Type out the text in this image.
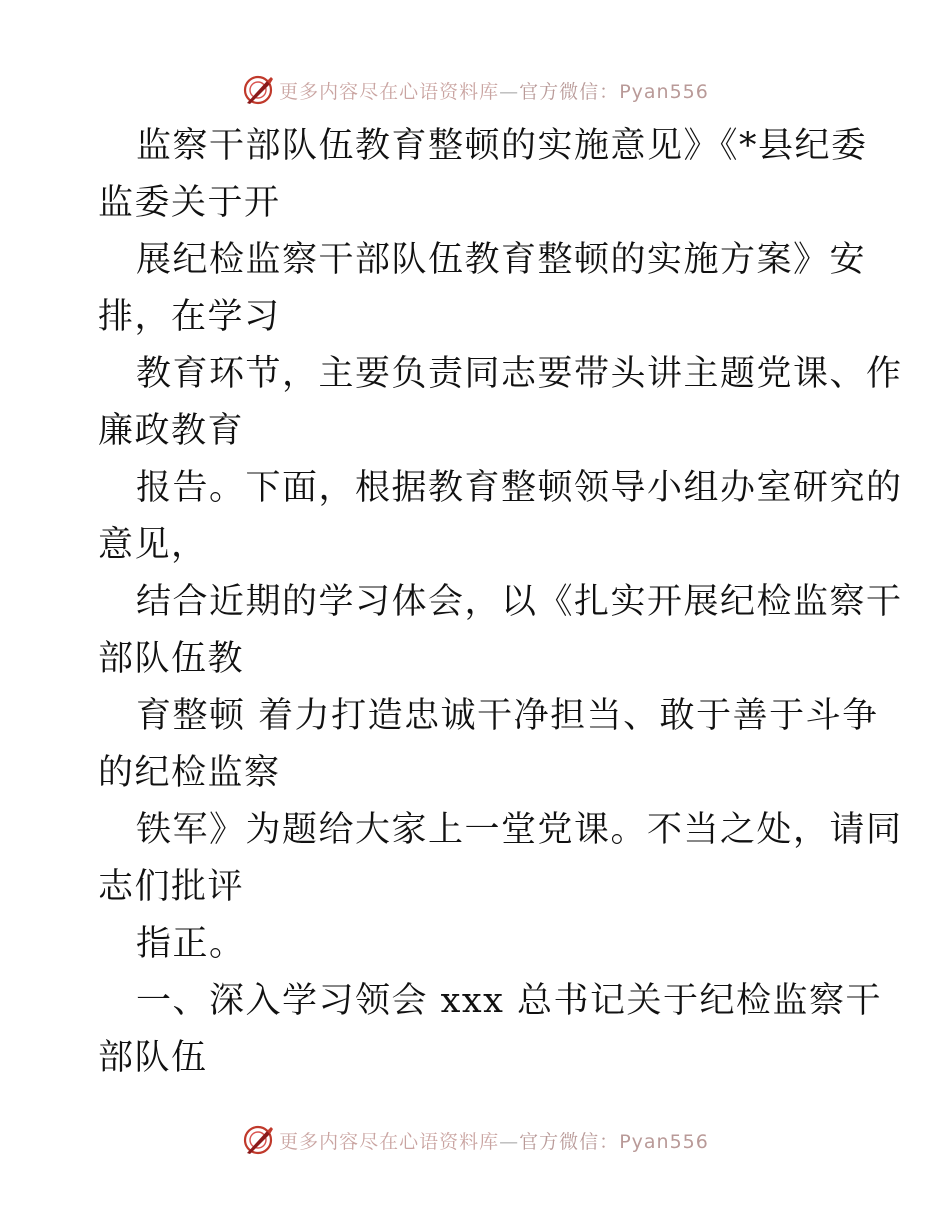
更多内容尽在心语资料库—官方微信：Pyan556
监察干部队伍教育整顿的实施意见》《*县纪委
监委关于开
展纪检监察干部队伍教育整顿的实施方案》安
排，在学习
教育环节，主要负责同志要带头讲主题党课、作
廉政教育
报告。下面，根据教育整顿领导小组办室研究的
意见，
结合近期的学习体会，以《扎实开展纪检监察干
部队伍教
育整顿 着力打造忠诚干净担当、敢于善于斗争
的纪检监察
铁军》为题给大家上一堂党课。不当之处，请同
志们批评
指正。
一、深入学习领会 xxx 总书记关于纪检监察干
部队伍
更多内容尽在心语资料库—官方微信：Pyan556
